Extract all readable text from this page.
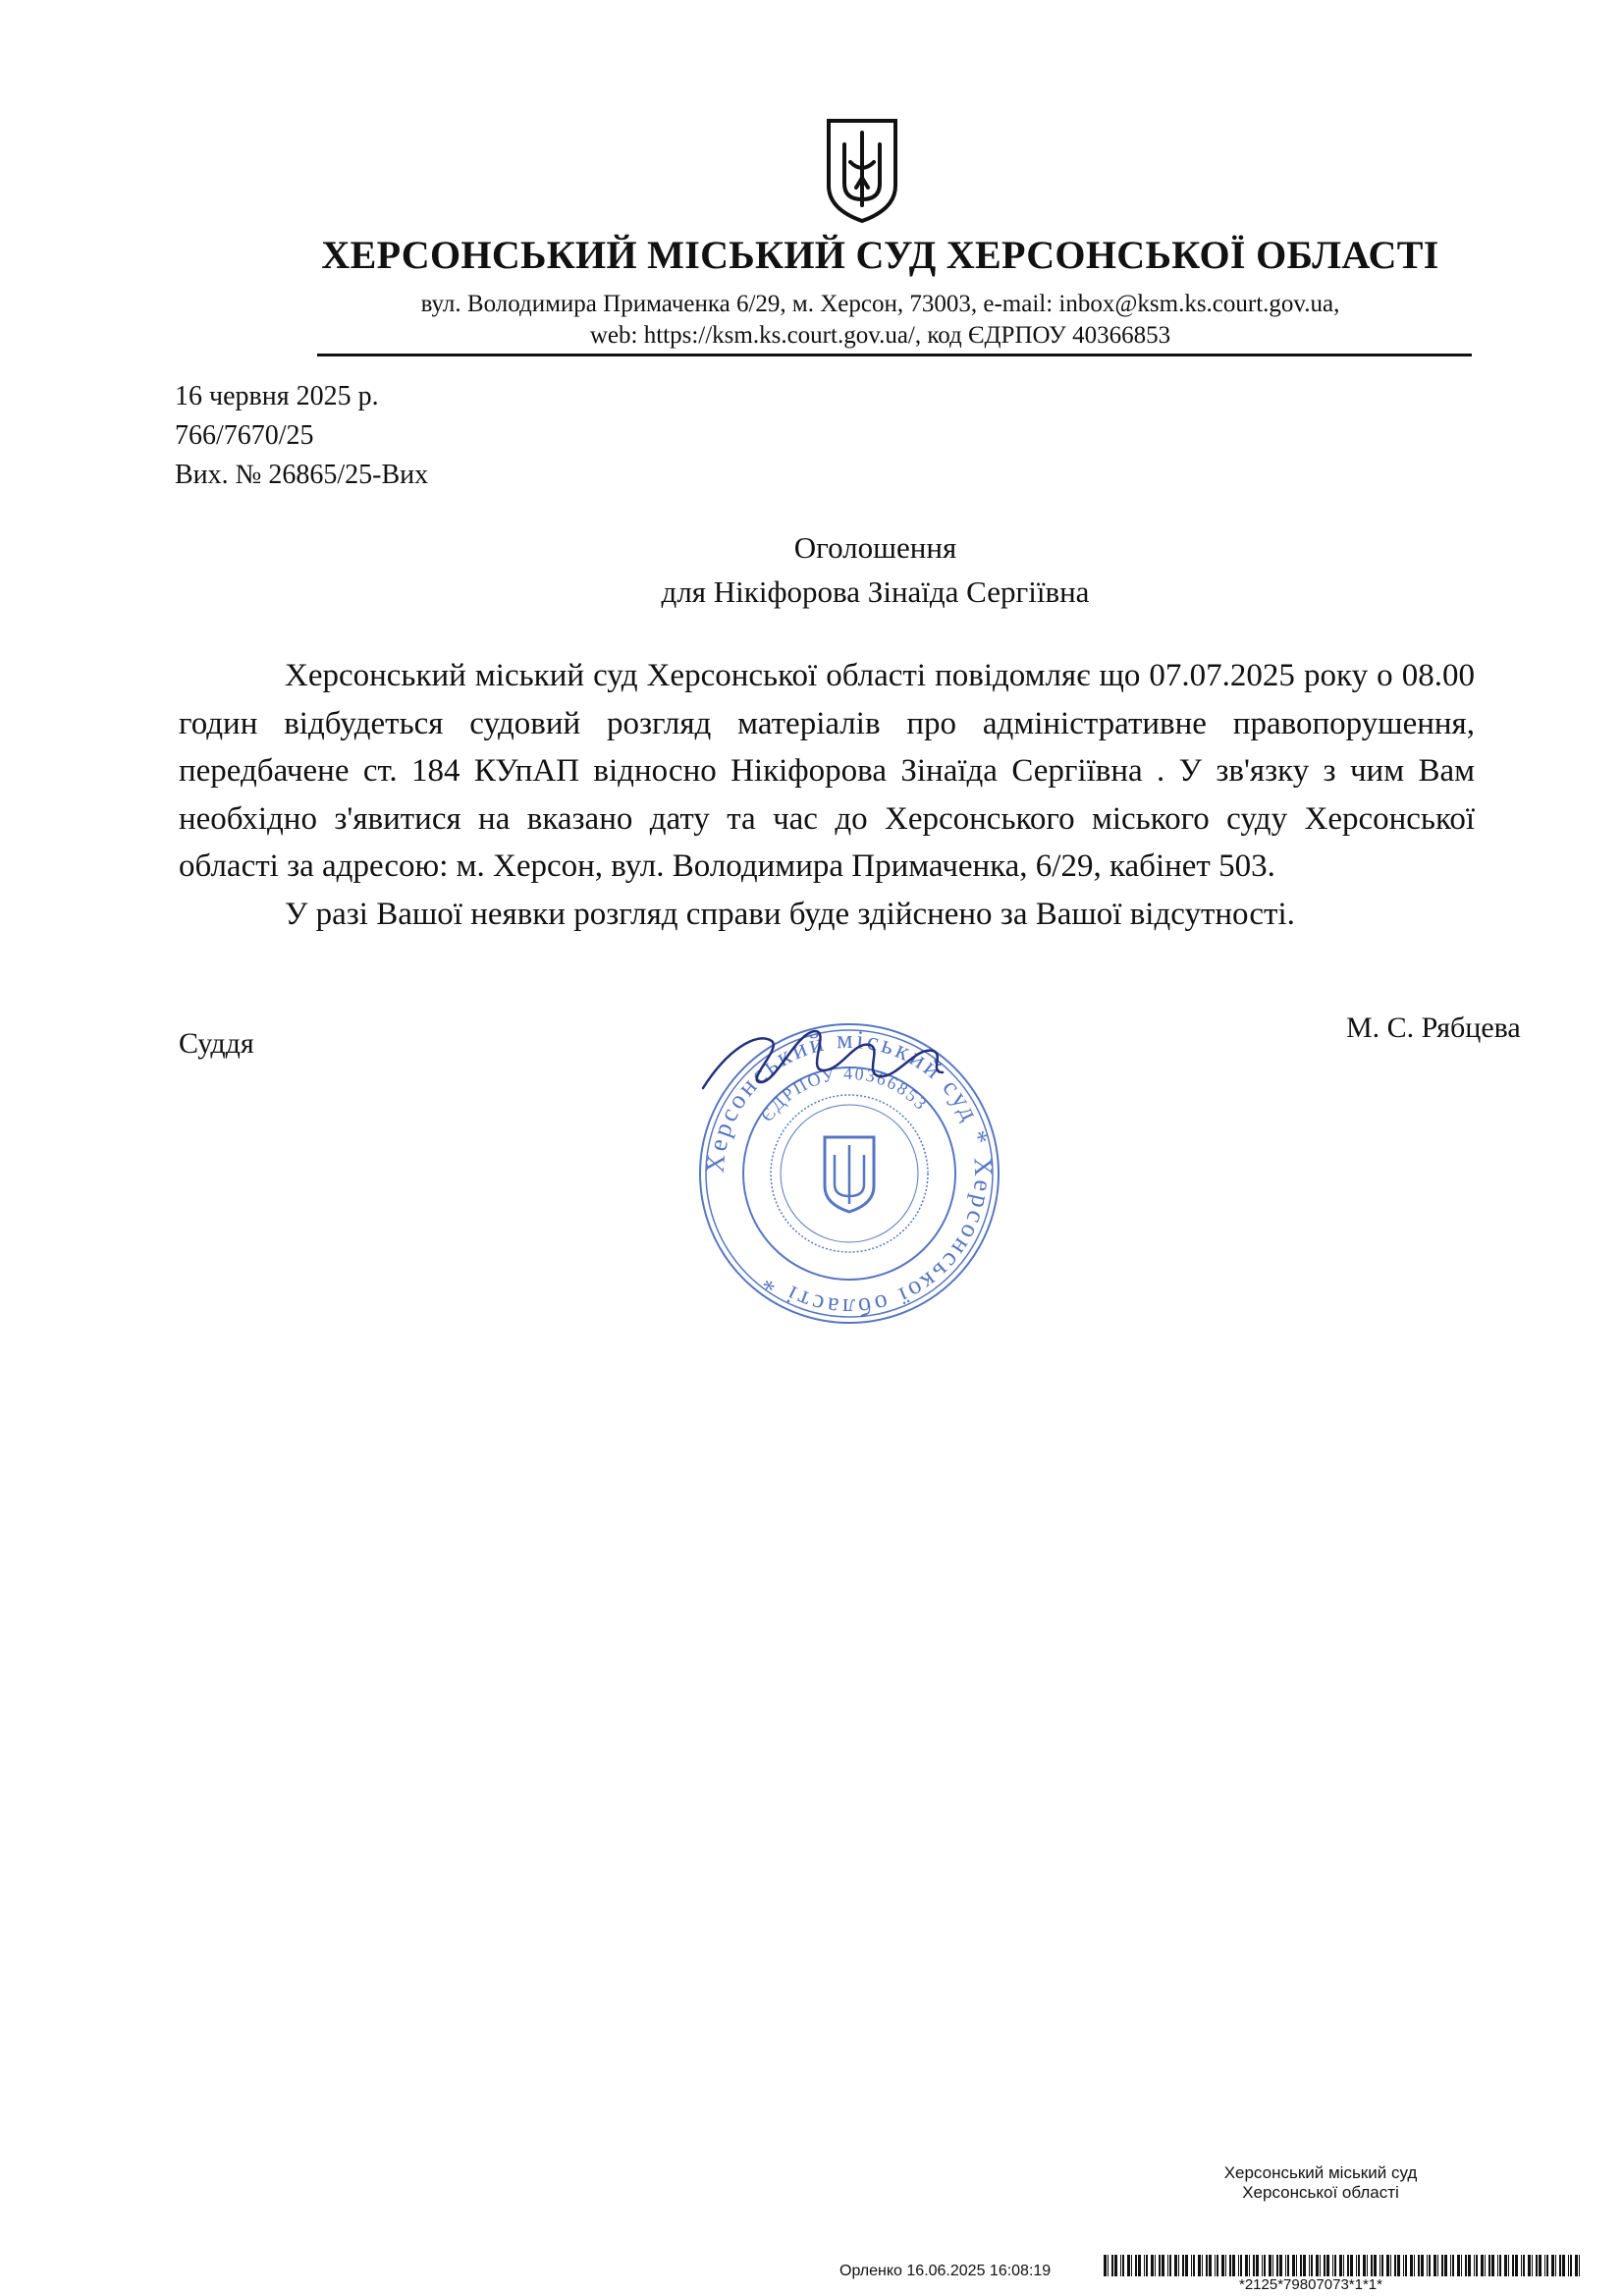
ХЕРСОНСЬКИЙ МІСЬКИЙ СУД ХЕРСОНСЬКОЇ ОБЛАСТІ
вул. Володимира Примаченка 6/29, м. Херсон, 73003, e-mail: inbox@ksm.ks.court.gov.ua,
web: https://ksm.ks.court.gov.ua/, код ЄДРПОУ 40366853
16 червня 2025 р.
766/7670/25
Вих. № 26865/25-Вих
Оголошення
для Нікіфорова Зінаїда Сергіївна

Херсонський міський суд Херсонської області повідомляє що 07.07.2025 року о 08.00 годин відбудеться судовий розгляд матеріалів про адміністративне правопорушення, передбачене ст. 184 КУпАП відносно Нікіфорова Зінаїда Сергіївна . У зв'язку з чим Вам необхідно з'явитися на вказано дату та час до Херсонського міського суду Херсонської області за адресою: м. Херсон, вул. Володимира Примаченка, 6/29, кабінет 503.

У разі Вашої неявки розгляд справи буде здійснено за Вашої відсутності.

Суддя	М. С. Рябцева
Херсонський міський суд * Херсонської області *
ЄДРПОУ 40366853
Херсонський міський суд
Херсонської області
Орленко 16.06.2025 16:08:19
*2125*79807073*1*1*
